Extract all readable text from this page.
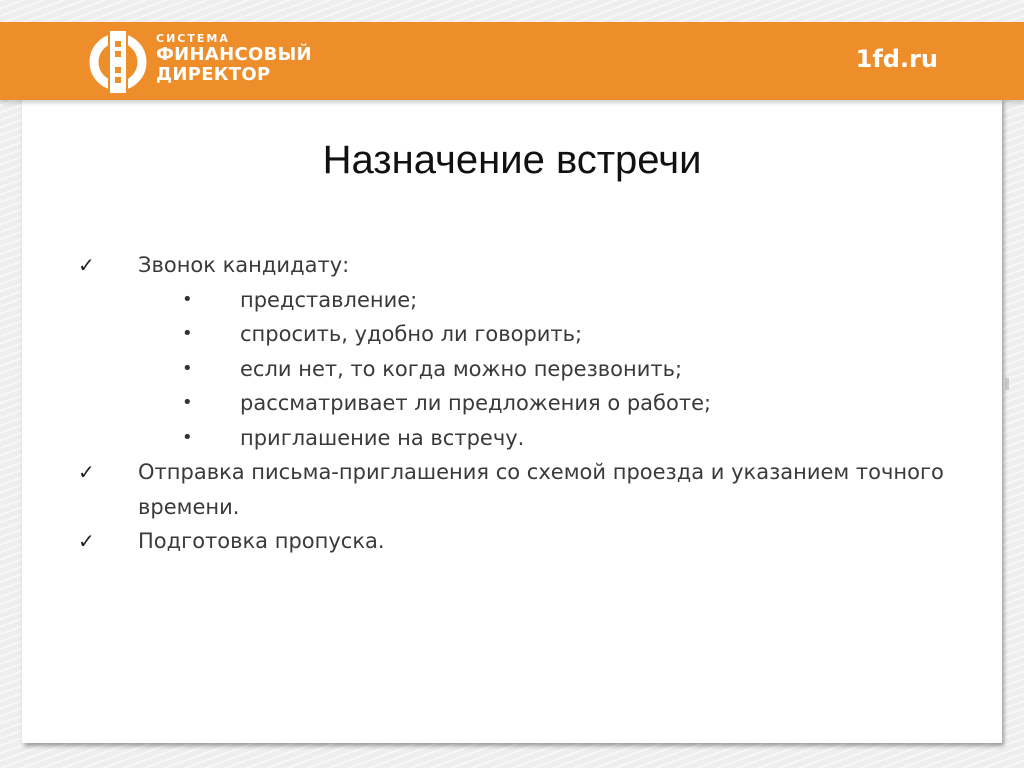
СИСТЕМА
ФИНАНСОВЫЙ
ДИРЕКТОР
1fd.ru
Назначение встречи
✓ Звонок кандидату:
• представление;
• спросить, удобно ли говорить;
• если нет, то когда можно перезвонить;
• рассматривает ли предложения о работе;
• приглашение на встречу.
✓ Отправка письма-приглашения со схемой проезда и указанием точного времени.
✓ Подготовка пропуска.
